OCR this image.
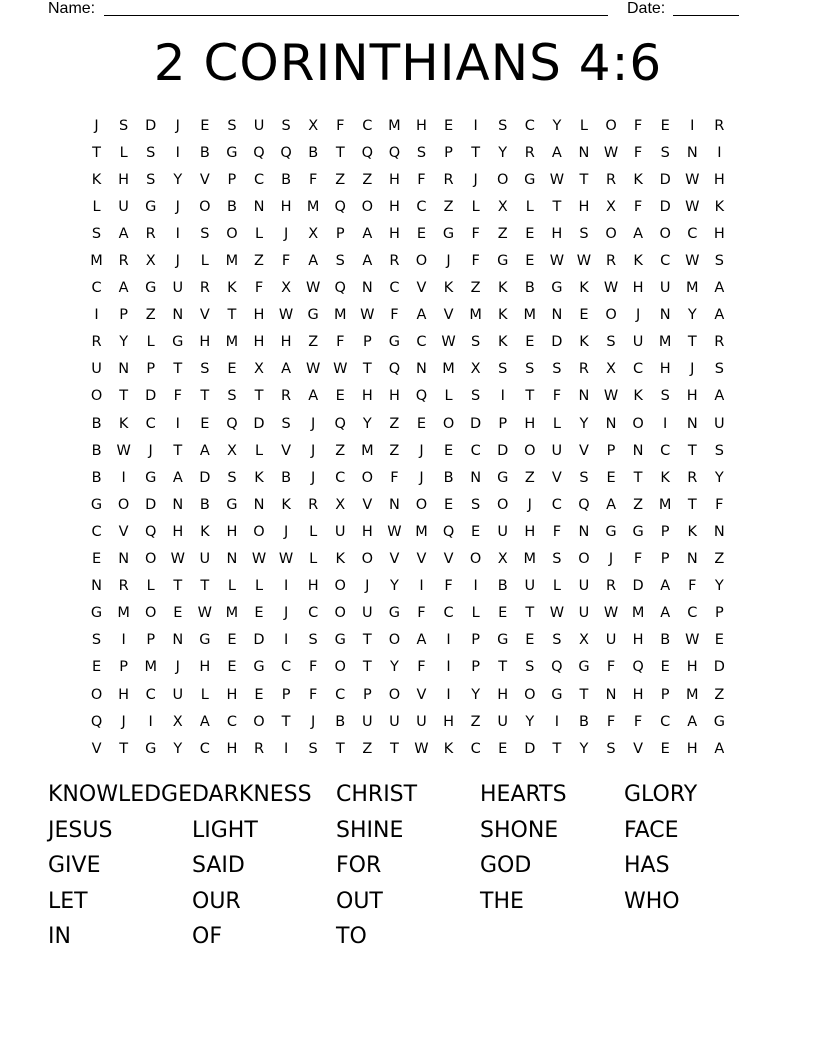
Name:	Date:
2 CORINTHIANS 4:6
J	S	D	J	E	S	U	S	X	F	C	M	H	E	I	S	C	Y	L	O	F	E	I	R
T	L	S	I	B	G	Q	Q	B	T	Q	Q	S	P	T	Y	R	A	N W	F	S	N	I
K	H	S	Y	V	P	C	B	F	Z	Z	H	F	R	J	O	G W	T	R	K	D W H
L	U	G	J	O	B	N	H	M	Q	O	H	C	Z	L	X	L	T	H	X	F	D W	K
S	A	R	I	S	O	L	J	X	P	A	H	E	G	F	Z	E	H	S	O	A	O	C	H
M	R	X	J	L	M	Z	F	A	S	A	R	O	J	F	G	E	W W	R	K	C	W	S
C	A	G	U	R	K	F	X	W Q	N	C	V	K	Z	K	B	G	K	W H	U	M	A
I	P	Z	N	V	T	H W G	M W	F	A	V	M	K	M	N	E	O	J	N	Y	A
R	Y	L	G	H	M	H	H	Z	F	P	G	C	W	S	K	E	D	K	S	U	M	T	R
U	N	P	T	S	E	X	A	W W	T	Q	N	M	X	S	S	S	R	X	C	H	J	S
O	T	D	F	T	S	T	R	A	E	H	H	Q	L	S	I	T	F	N W	K	S	H	A
B	K	C	I	E	Q	D	S	J	Q	Y	Z	E	O	D	P	H	L	Y	N	O	I	N	U
B	W	J	T	A	X	L	V	J	Z	M	Z	J	E	C	D	O	U	V	P	N	C	T	S
B	I	G	A	D	S	K	B	J	C	O	F	J	B	N	G	Z	V	S	E	T	K	R	Y
G	O	D	N	B	G	N	K	R	X	V	N	O	E	S	O	J	C	Q	A	Z	M	T	F
C	V	Q	H	K	H	O	J	L	U	H W M	Q	E	U	H	F	N	G	G	P	K	N
E	N	O W	U	N W W	L	K	O	V	V	V	O	X	M	S	O	J	F	P	N	Z
N	R	L	T	T	L	L	I	H	O	J	Y	I	F	I	B	U	L	U	R	D	A	F	Y
G	M	O	E	W M	E	J	C	O	U	G	F	C	L	E	T	W	U	W M	A	C	P
S	I	P	N	G	E	D	I	S	G	T	O	A	I	P	G	E	S	X	U	H	B	W	E
E	P	M	J	H	E	G	C	F	O	T	Y	F	I	P	T	S	Q	G	F	Q	E	H	D
O	H	C	U	L	H	E	P	F	C	P	O	V	I	Y	H	O	G	T	N	H	P	M	Z
Q	J	I	X	A	C	O	T	J	B	U	U	U	H	Z	U	Y	I	B	F	F	C	A	G
V	T	G	Y	C	H	R	I	S	T	Z	T	W	K	C	E	D	T	Y	S	V	E	H	A
KNOWLEDGE DARKNESS	CHRIST	HEARTS	GLORY
JESUS	LIGHT	SHINE	SHONE	FACE
GIVE	SAID	FOR	GOD	HAS
LET	OUR	OUT	THE	WHO
IN	OF	TO
